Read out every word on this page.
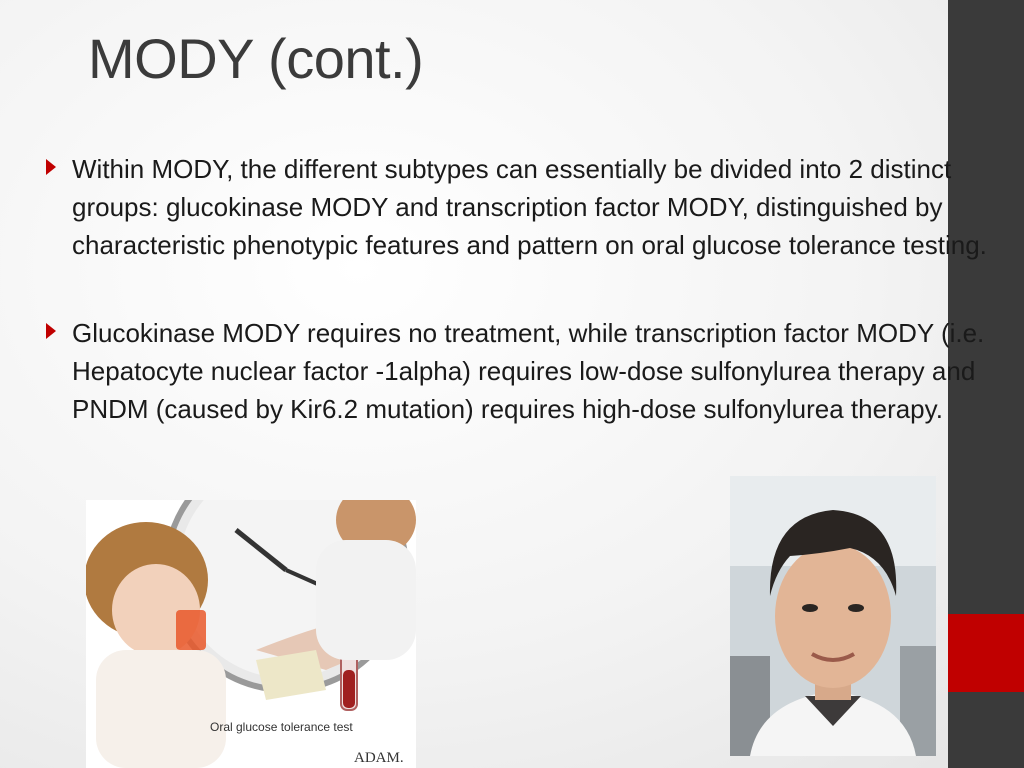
MODY (cont.)
Within MODY, the different subtypes can essentially be divided into 2 distinct groups: glucokinase MODY and transcription factor MODY, distinguished by characteristic phenotypic features and pattern on oral glucose tolerance testing.
Glucokinase MODY requires no treatment, while transcription factor MODY (i.e. Hepatocyte nuclear factor -1alpha) requires low-dose sulfonylurea therapy and PNDM (caused by Kir6.2 mutation) requires high-dose sulfonylurea therapy.
Oral glucose tolerance test
ADAM.
